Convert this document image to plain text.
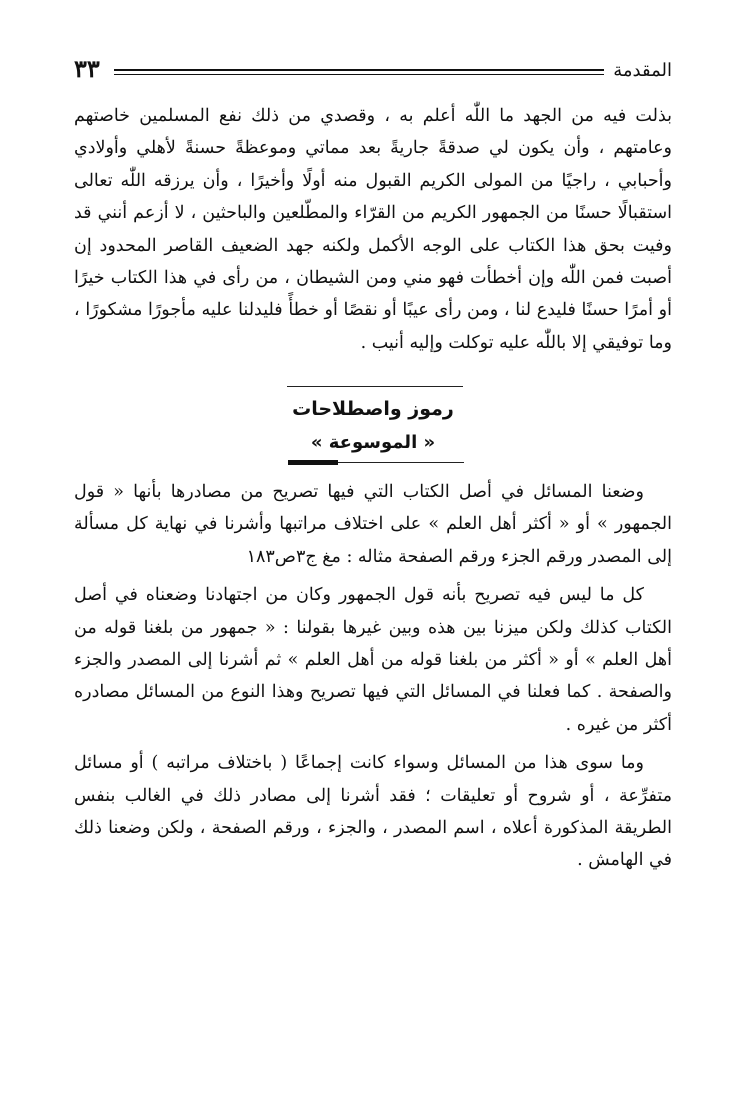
المقدمة
٣٣

بذلت فيه من الجهد ما اللّٰه أعلم به ، وقصدي من ذلك نفع المسلمين خاصتهم وعامتهم ، وأن يكون لي صدقةً جاريةً بعد مماتي وموعظةً حسنةً لأهلي وأولادي وأحبابي ، راجيًا من المولى الكريم القبول منه أولًا وأخيرًا ، وأن يرزقه اللّٰه تعالى استقبالًا حسنًا من الجمهور الكريم من القرّاء والمطّلعين والباحثين ، لا أزعم أنني قد وفيت بحق هذا الكتاب على الوجه الأكمل ولكنه جهد الضعيف القاصر المحدود إن أصبت فمن اللّٰه وإن أخطأت فهو مني ومن الشيطان ، من رأى في هذا الكتاب خيرًا أو أمرًا حسنًا فليدع لنا ، ومن رأى عيبًا أو نقصًا أو خطأً فليدلنا عليه مأجورًا مشكورًا ، وما توفيقي إلا باللّٰه عليه توكلت وإليه أنيب .

رموز واصطلاحات
« الموسوعة »

وضعنا المسائل في أصل الكتاب التي فيها تصريح من مصادرها بأنها « قول الجمهور » أو « أكثر أهل العلم » على اختلاف مراتبها وأشرنا في نهاية كل مسألة إلى المصدر ورقم الجزء ورقم الصفحة مثاله : مغ ج٣ص١٨٣

كل ما ليس فيه تصريح بأنه قول الجمهور وكان من اجتهادنا وضعناه في أصل الكتاب كذلك ولكن ميزنا بين هذه وبين غيرها بقولنا : « جمهور من بلغنا قوله من أهل العلم » أو « أكثر من بلغنا قوله من أهل العلم » ثم أشرنا إلى المصدر والجزء والصفحة . كما فعلنا في المسائل التي فيها تصريح وهذا النوع من المسائل مصادره أكثر من غيره .

وما سوى هذا من المسائل وسواء كانت إجماعًا ( باختلاف مراتبه ) أو مسائل متفرِّعة ، أو شروح أو تعليقات ؛ فقد أشرنا إلى مصادر ذلك في الغالب بنفس الطريقة المذكورة أعلاه ، اسم المصدر ، والجزء ، ورقم الصفحة ، ولكن وضعنا ذلك في الهامش .
